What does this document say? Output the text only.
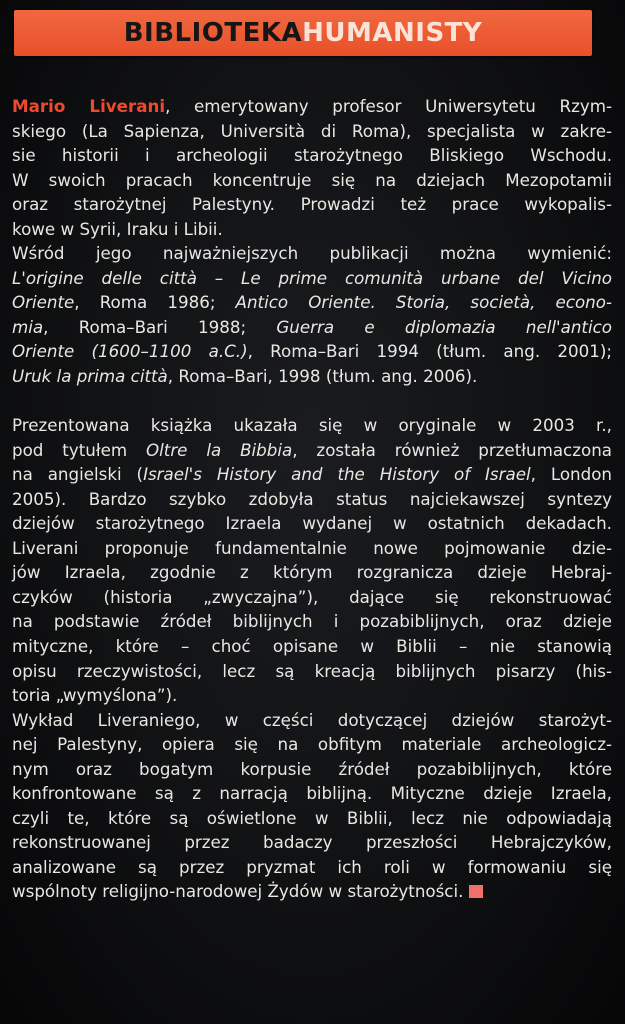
BIBLIOTEKA HUMANISTY
Mario Liverani, emerytowany profesor Uniwersytetu Rzym-
skiego (La Sapienza, Università di Roma), specjalista w zakre-
sie historii i archeologii starożytnego Bliskiego Wschodu.
W swoich pracach koncentruje się na dziejach Mezopotamii
oraz starożytnej Palestyny. Prowadzi też prace wykopalis-
kowe w Syrii, Iraku i Libii.
Wśród jego najważniejszych publikacji można wymienić:
L'origine delle città – Le prime comunità urbane del Vicino
Oriente, Roma 1986; Antico Oriente. Storia, società, econo-
mia, Roma–Bari 1988; Guerra e diplomazia nell'antico
Oriente (1600–1100 a.C.), Roma–Bari 1994 (tłum. ang. 2001);
Uruk la prima città, Roma–Bari, 1998 (tłum. ang. 2006).
Prezentowana książka ukazała się w oryginale w 2003 r.,
pod tytułem Oltre la Bibbia, została również przetłumaczona
na angielski (Israel's History and the History of Israel, London
2005). Bardzo szybko zdobyła status najciekawszej syntezy
dziejów starożytnego Izraela wydanej w ostatnich dekadach.
Liverani proponuje fundamentalnie nowe pojmowanie dzie-
jów Izraela, zgodnie z którym rozgranicza dzieje Hebraj-
czyków (historia „zwyczajna”), dające się rekonstruować
na podstawie źródeł biblijnych i pozabiblijnych, oraz dzieje
mityczne, które – choć opisane w Biblii – nie stanowią
opisu rzeczywistości, lecz są kreacją biblijnych pisarzy (his-
toria „wymyślona”).
Wykład Liveraniego, w części dotyczącej dziejów starożyt-
nej Palestyny, opiera się na obfitym materiale archeologicz-
nym oraz bogatym korpusie źródeł pozabiblijnych, które
konfrontowane są z narracją biblijną. Mityczne dzieje Izraela,
czyli te, które są oświetlone w Biblii, lecz nie odpowiadają
rekonstruowanej przez badaczy przeszłości Hebrajczyków,
analizowane są przez pryzmat ich roli w formowaniu się
wspólnoty religijno-narodowej Żydów w starożytności.
